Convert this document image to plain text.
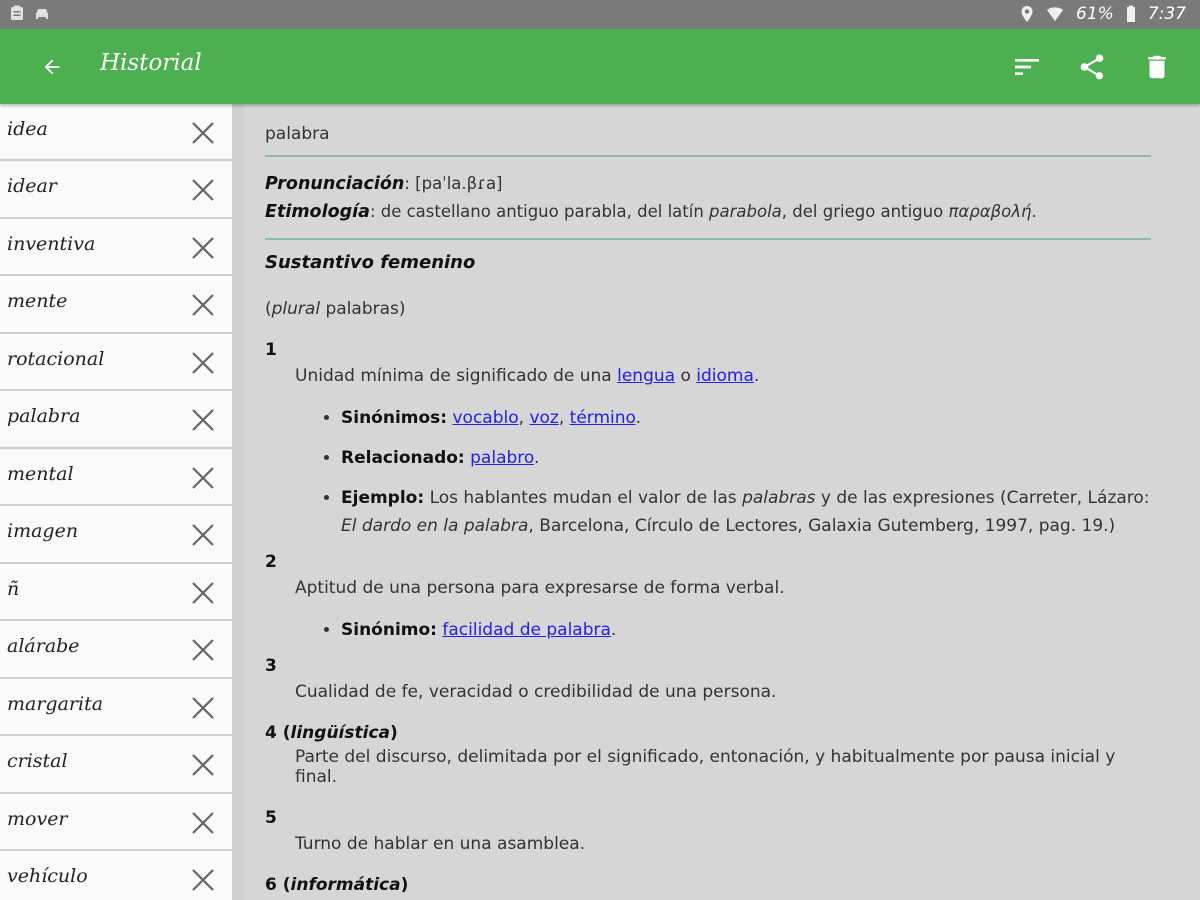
61% 7:37
Historial
idea
idear
inventiva
mente
rotacional
palabra
mental
imagen
ñ
alárabe
margarita
cristal
mover
vehículo
palabra
Pronunciación: [paˈla.βɾa]
Etimología: de castellano antiguo parabla, del latín parabola, del griego antiguo παραβολή.
Sustantivo femenino
(plural palabras)
1
Unidad mínima de significado de una lengua o idioma.
• Sinónimos: vocablo, voz, término.
• Relacionado: palabro.
• Ejemplo: Los hablantes mudan el valor de las palabras y de las expresiones (Carreter, Lázaro: El dardo en la palabra, Barcelona, Círculo de Lectores, Galaxia Gutemberg, 1997, pag. 19.)
2
Aptitud de una persona para expresarse de forma verbal.
• Sinónimo: facilidad de palabra.
3
Cualidad de fe, veracidad o credibilidad de una persona.
4 (lingüística)
Parte del discurso, delimitada por el significado, entonación, y habitualmente por pausa inicial y final.
5
Turno de hablar en una asamblea.
6 (informática)
